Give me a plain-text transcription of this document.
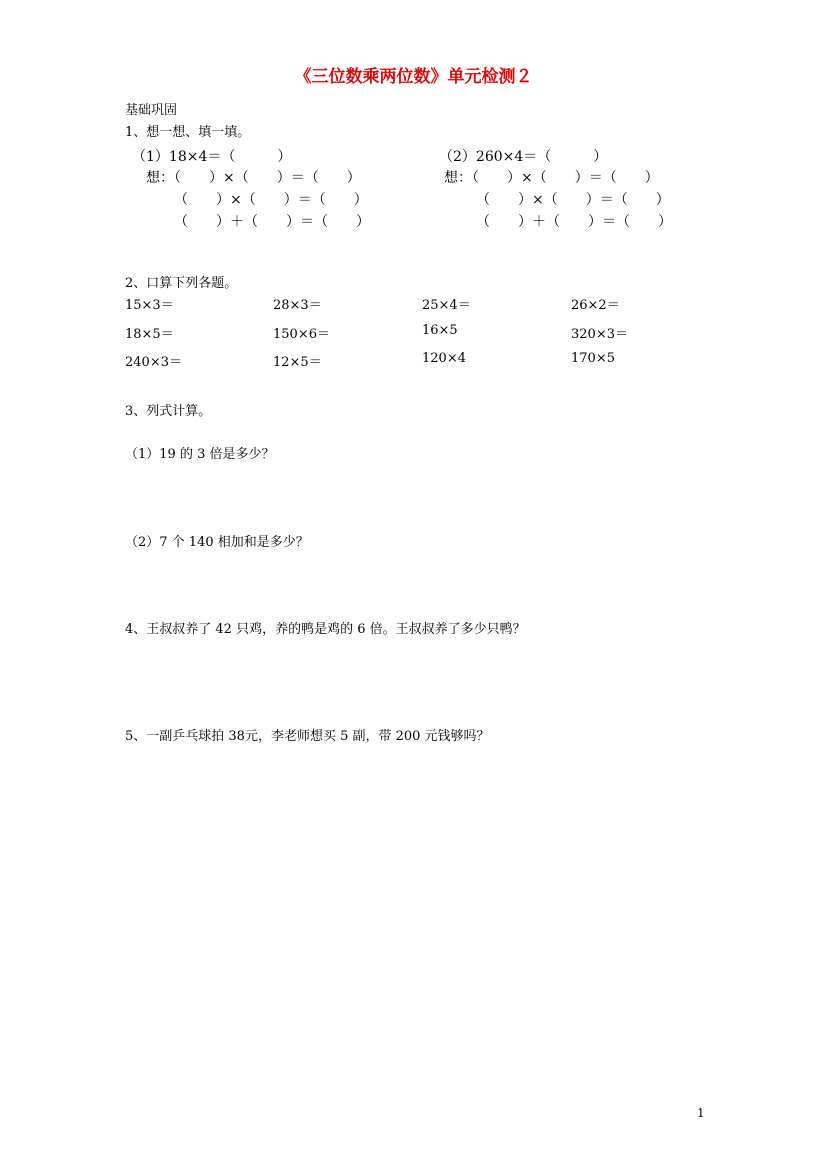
《三位数乘两位数》单元检测２
基础巩固
1、想一想、填一填。
（1）18×4＝（　　　）
想：（　　）×（　　）＝（　　）
（　　）×（　　）＝（　　）
（　　）＋（　　）＝（　　）
（2）260×4＝（　　　）
想：（　　）×（　　）＝（　　）
（　　）×（　　）＝（　　）
（　　）＋（　　）＝（　　）
2、口算下列各题。
15×3＝	28×3＝	25×4＝	26×2＝
18×5＝	150×6＝	16×5	320×3＝
240×3＝	12×5＝	120×4	170×5
3、列式计算。
（1）19 的 3 倍是多少？
（2）7 个 140 相加和是多少？
4、王叔叔养了 42 只鸡，养的鸭是鸡的 6 倍。王叔叔养了多少只鸭？
5、一副乒乓球拍 38元，李老师想买 5 副，带 200 元钱够吗？
1
